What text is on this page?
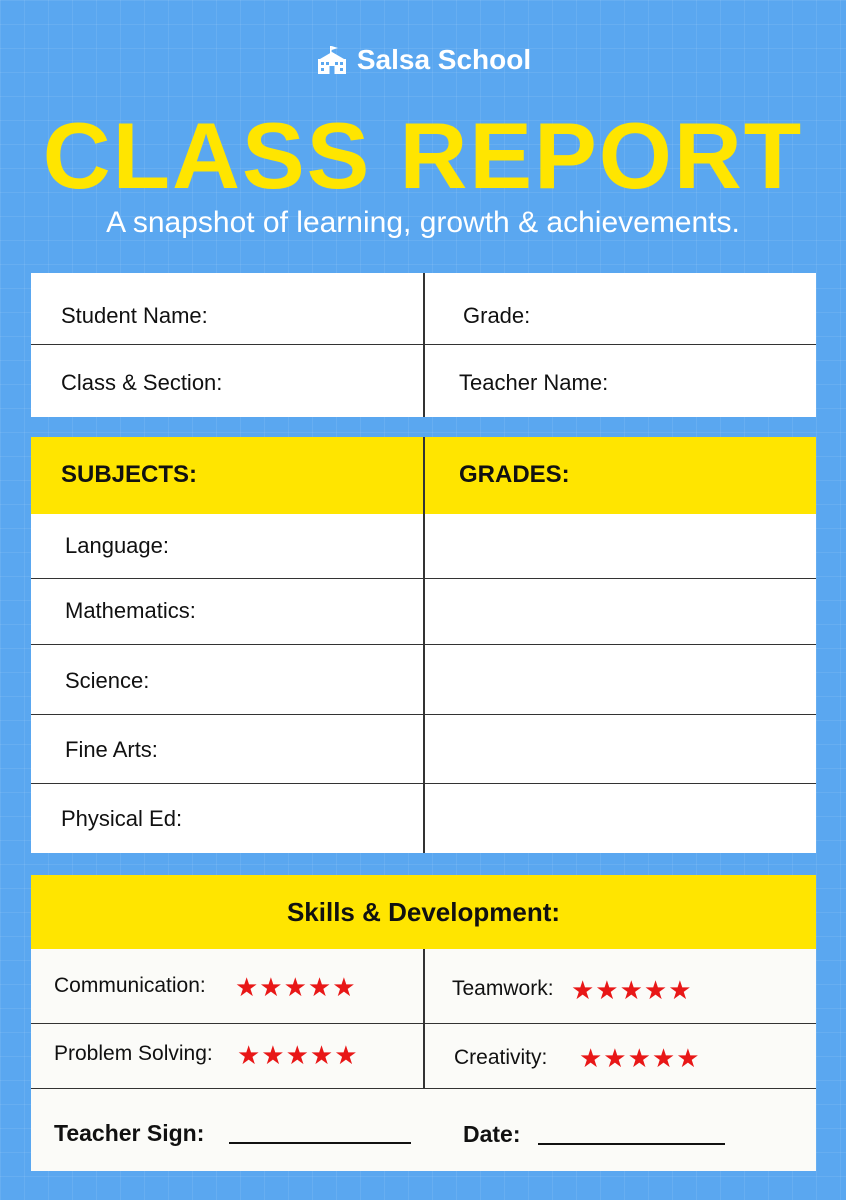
Salsa School
CLASS REPORT
A snapshot of learning, growth & achievements.
Student Name:	Grade:
Class & Section:	Teacher Name:
SUBJECTS:	GRADES:
Language:
Mathematics:
Science:
Fine Arts:
Physical Ed:
Skills & Development:
Communication: ★★★★★	Teamwork: ★★★★★
Problem Solving: ★★★★★	Creativity: ★★★★★
Teacher Sign:	Date:
